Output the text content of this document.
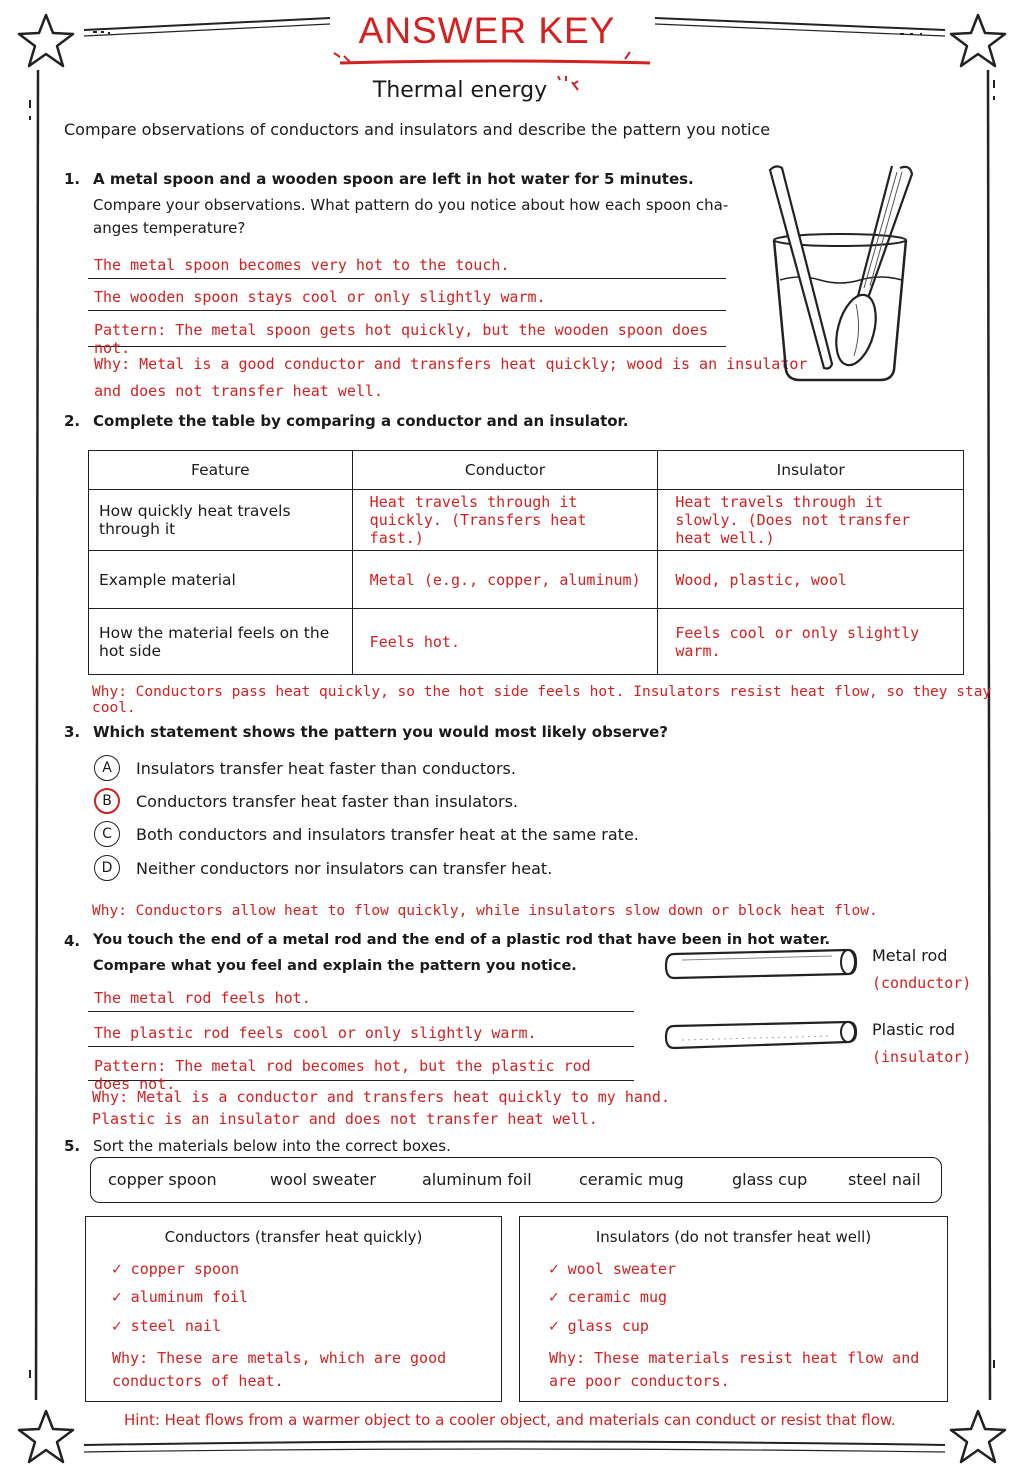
ANSWER KEY
Thermal energy
Compare observations of conductors and insulators and describe the pattern you notice
1. A metal spoon and a wooden spoon are left in hot water for 5 minutes.
Compare your observations. What pattern do you notice about how each spoon cha-
anges temperature?
The metal spoon becomes very hot to the touch.
The wooden spoon stays cool or only slightly warm.
Pattern: The metal spoon gets hot quickly, but the wooden spoon does not.
Why: Metal is a good conductor and transfers heat quickly; wood is an insulator
and does not transfer heat well.
2. Complete the table by comparing a conductor and an insulator.
Feature	Conductor	Insulator
How quickly heat travels through it	Heat travels through it quickly. (Transfers heat fast.)	Heat travels through it slowly. (Does not transfer heat well.)
Example material	Metal (e.g., copper, aluminum)	Wood, plastic, wool
How the material feels on the hot side	Feels hot.	Feels cool or only slightly warm.
Why: Conductors pass heat quickly, so the hot side feels hot. Insulators resist heat flow, so they stay cool.
3. Which statement shows the pattern you would most likely observe?
A	Insulators transfer heat faster than conductors.
B	Conductors transfer heat faster than insulators.
C	Both conductors and insulators transfer heat at the same rate.
D	Neither conductors nor insulators can transfer heat.
Why: Conductors allow heat to flow quickly, while insulators slow down or block heat flow.
4. You touch the end of a metal rod and the end of a plastic rod that have been in hot water.
Compare what you feel and explain the pattern you notice.
The metal rod feels hot.
The plastic rod feels cool or only slightly warm.
Pattern: The metal rod becomes hot, but the plastic rod does not.
Why: Metal is a conductor and transfers heat quickly to my hand.
Plastic is an insulator and does not transfer heat well.
Metal rod
(conductor)
Plastic rod
(insulator)
5. Sort the materials below into the correct boxes.
copper spoon	wool sweater	aluminum foil	ceramic mug	glass cup	steel nail
Conductors (transfer heat quickly)
✓ copper spoon
✓ aluminum foil
✓ steel nail
Why: These are metals, which are good
conductors of heat.
Insulators (do not transfer heat well)
✓ wool sweater
✓ ceramic mug
✓ glass cup
Why: These materials resist heat flow and
are poor conductors.
Hint: Heat flows from a warmer object to a cooler object, and materials can conduct or resist that flow.
